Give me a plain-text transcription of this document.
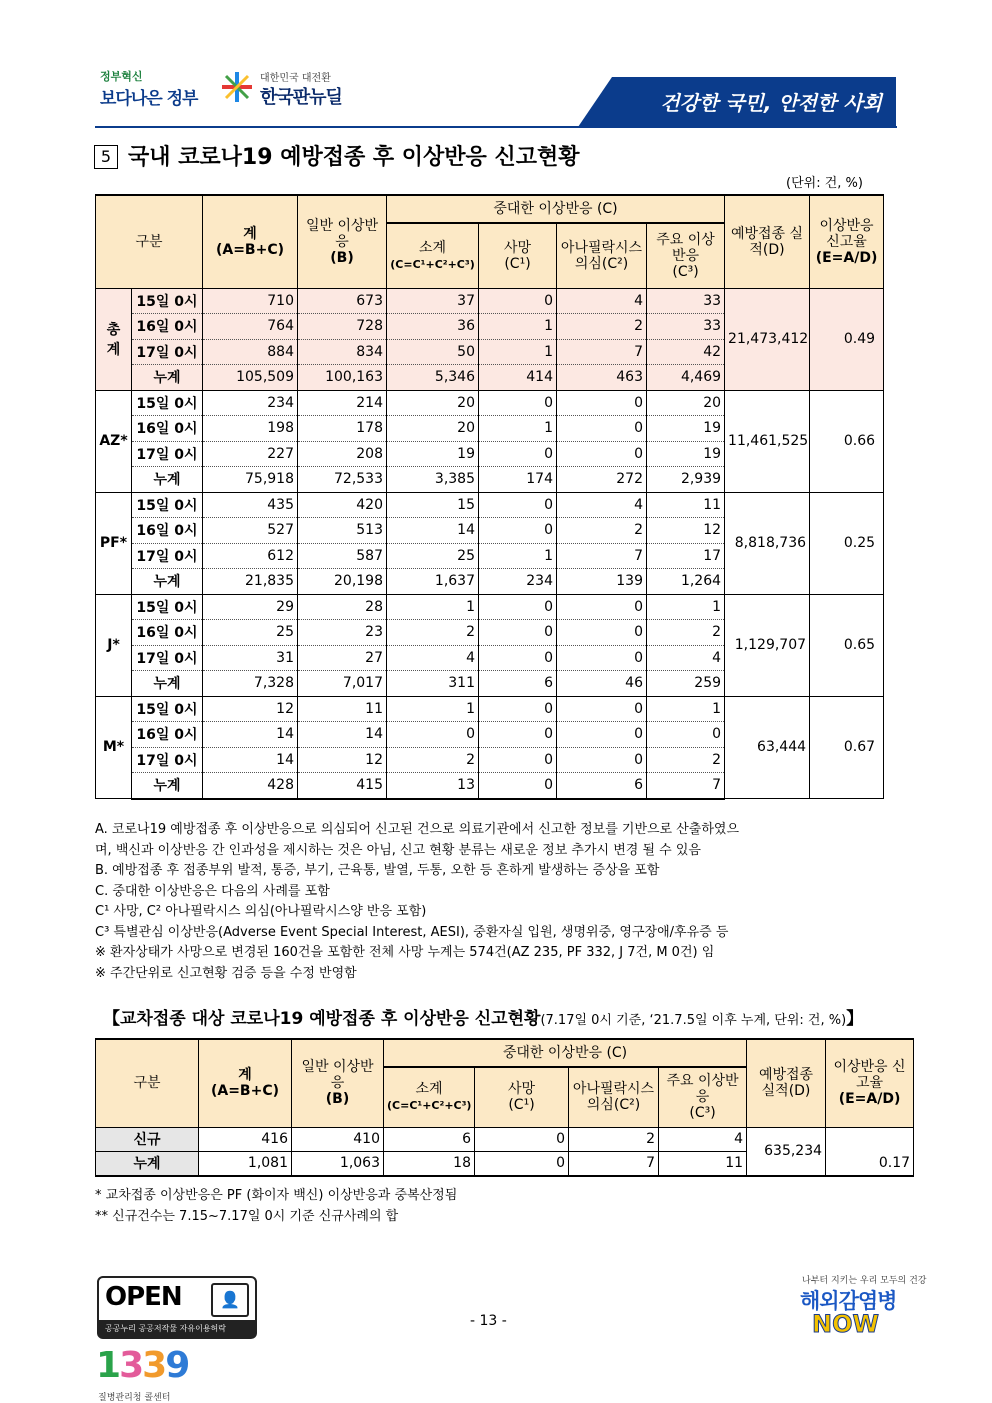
정부혁신
보다나은 정부
대한민국 대전환
한국판뉴딜	건강한 국민, 안전한 사회
5 국내 코로나19 예방접종 후 이상반응 신고현황
(단위: 건, %)
구분		계
(A=B+C)	일반 이상반응
(B)	중대한 이상반응 (C)				예방접종 실적(D)	이상반응 신고율
(E=A/D)
				소계
(C=C¹+C²+C³)	사망
(C¹)	아나필락시스 의심(C²)	주요 이상반응
(C³)		
총계	15일 0시	710	673	37	0	4	33	21,473,412	0.49
	16일 0시	764	728	36	1	2	33		
	17일 0시	884	834	50	1	7	42		
	누계	105,509	100,163	5,346	414	463	4,469		
AZ*	15일 0시	234	214	20	0	0	20	11,461,525	0.66
	16일 0시	198	178	20	1	0	19		
	17일 0시	227	208	19	0	0	19		
	누계	75,918	72,533	3,385	174	272	2,939		
PF*	15일 0시	435	420	15	0	4	11	8,818,736	0.25
	16일 0시	527	513	14	0	2	12		
	17일 0시	612	587	25	1	7	17		
	누계	21,835	20,198	1,637	234	139	1,264		
J*	15일 0시	29	28	1	0	0	1	1,129,707	0.65
	16일 0시	25	23	2	0	0	2		
	17일 0시	31	27	4	0	0	4		
	누계	7,328	7,017	311	6	46	259		
M*	15일 0시	12	11	1	0	0	1	63,444	0.67
	16일 0시	14	14	0	0	0	0		
	17일 0시	14	12	2	0	0	2		
	누계	428	415	13	0	6	7		

A. 코로나19 예방접종 후 이상반응으로 의심되어 신고된 건으로 의료기관에서 신고한 정보를 기반으로 산출하였으

며, 백신과 이상반응 간 인과성을 제시하는 것은 아님, 신고 현황 분류는 새로운 정보 추가시 변경 될 수 있음

B. 예방접종 후 접종부위 발적, 통증, 부기, 근육통, 발열, 두통, 오한 등 흔하게 발생하는 증상을 포함

C. 중대한 이상반응은 다음의 사례를 포함

C¹ 사망, C² 아나필락시스 의심(아나필락시스양 반응 포함)

C³ 특별관심 이상반응(Adverse Event Special Interest, AESI), 중환자실 입원, 생명위중, 영구장애/후유증 등

※ 환자상태가 사망으로 변경된 160건을 포함한 전체 사망 누계는 574건(AZ 235, PF 332, J 7건, M 0건) 임

※ 주간단위로 신고현황 검증 등을 수정 반영함

【교차접종 대상 코로나19 예방접종 후 이상반응 신고현황(7.17일 0시 기준, ‘21.7.5일 이후 누계, 단위: 건, %)】
구분	계
(A=B+C)	일반 이상반응
(B)	중대한 이상반응 (C)				예방접종 실적(D)	이상반응 신고율
(E=A/D)
			소계
(C=C¹+C²+C³)	사망
(C¹)	아나필락시스 의심(C²)	주요 이상반응
(C³)		
신규	416	410	6	0	2	4	635,234	0.17
누계	1,081	1,063	18	0	7	11		

* 교차접종 이상반응은 PF (화이자 백신) 이상반응과 중복산정됨

** 신규건수는 7.15~7.17일 0시 기준 신규사례의 합

OPEN	👤
공공누리 공공저작물 자유이용허락	- 13 -
나부터 지키는 우리 모두의 건강
해외감염병
NOW
1339
질병관리청 콜센터
